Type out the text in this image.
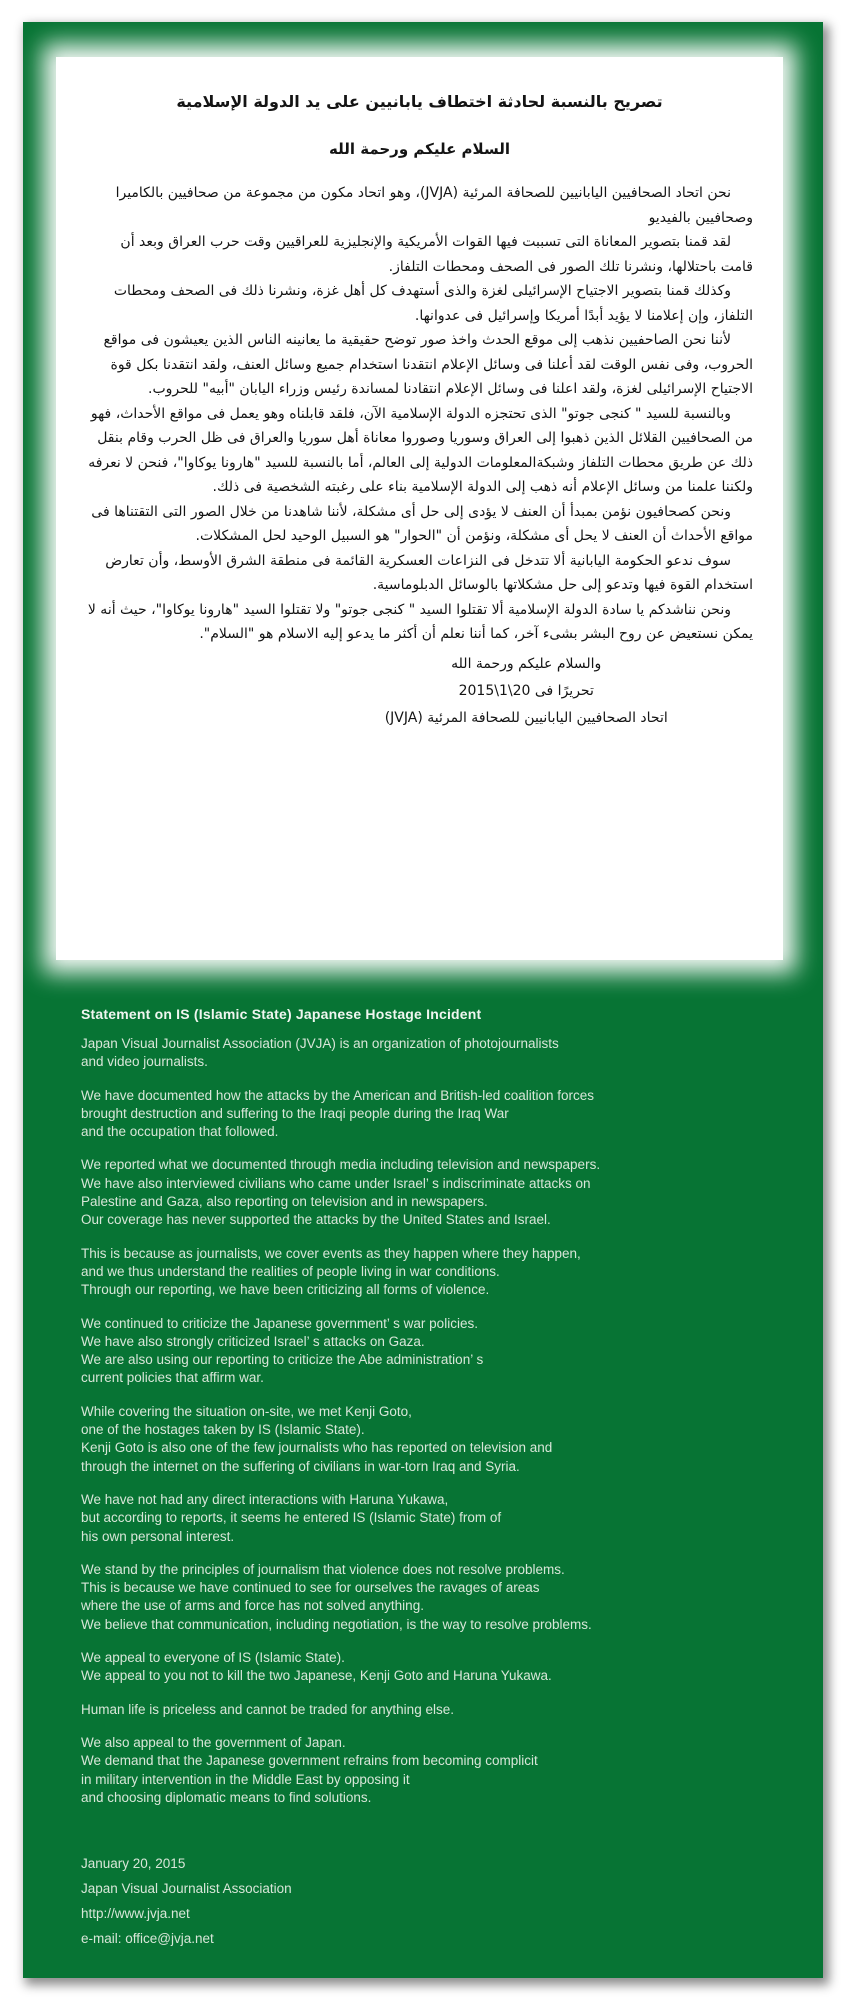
تصريح بالنسبة لحادثة اختطاف يابانيين على يد الدولة الإسلامية
السلام عليكم ورحمة الله

نحن اتحاد الصحافيين اليابانيين للصحافة المرئية (JVJA)، وهو اتحاد مكون من مجموعة من صحافيين بالكاميرا وصحافيين بالفيديو

لقد قمنا بتصوير المعاناة التى تسببت فيها القوات الأمريكية والإنجليزية للعراقيين وقت حرب العراق وبعد أن قامت باحتلالها، ونشرنا تلك الصور فى الصحف ومحطات التلفاز.

وكذلك قمنا بتصوير الاجتياح الإسرائيلى لغزة والذى أستهدف كل أهل غزة، ونشرنا ذلك فى الصحف ومحطات التلفاز، وإن إعلامنا لا يؤيد أبدًا أمريكا وإسرائيل فى عدوانها.

لأننا نحن الصاحفيين نذهب إلى موقع الحدث واخذ صور توضح حقيقية ما يعانينه الناس الذين يعيشون فى مواقع الحروب، وفى نفس الوقت لقد أعلنا فى وسائل الإعلام انتقدنا استخدام جميع وسائل العنف، ولقد انتقدنا بكل قوة الاجتياح الإسرائيلى لغزة، ولقد اعلنا فى وسائل الإعلام انتقادنا لمساندة رئيس وزراء اليابان "أبيه" للحروب.

وبالنسبة للسيد " كنجى جوتو" الذى تحتجزه الدولة الإسلامية الآن، فلقد قابلناه وهو يعمل فى مواقع الأحداث، فهو من الصحافيين القلائل الذين ذهبوا إلى العراق وسوريا وصوروا معاناة أهل سوريا والعراق فى ظل الحرب وقام بنقل ذلك عن طريق محطات التلفاز وشبكةالمعلومات الدولية إلى العالم، أما بالنسبة للسيد "هارونا يوكاوا"، فنحن لا نعرفه ولكننا علمنا من وسائل الإعلام أنه ذهب إلى الدولة الإسلامية بناء على رغبته الشخصية فى ذلك.

ونحن كصحافيون نؤمن بمبدأ أن العنف لا يؤدى إلى حل أى مشكلة، لأننا شاهدنا من خلال الصور التى التقتناها فى مواقع الأحداث أن العنف لا يحل أى مشكلة، ونؤمن أن "الحوار" هو السبيل الوحيد لحل المشكلات.

سوف ندعو الحكومة اليابانية ألا تتدخل فى النزاعات العسكرية القائمة فى منطقة الشرق الأوسط، وأن تعارض استخدام القوة فيها وتدعو إلى حل مشكلاتها بالوسائل الدبلوماسية.

ونحن نناشدكم يا سادة الدولة الإسلامية ألا تقتلوا السيد " كنجى جوتو" ولا تقتلوا السيد "هارونا يوكاوا"، حيث أنه لا يمكن نستعيض عن روح البشر بشىء آخر، كما أننا نعلم أن أكثر ما يدعو إليه الاسلام هو "السلام".

والسلام عليكم ورحمة الله
تحريرًا فى 20\1\2015
اتحاد الصحافيين اليابانيين للصحافة المرئية (JVJA)
Statement on IS (Islamic State) Japanese Hostage Incident

Japan Visual Journalist Association (JVJA) is an organization of photojournalists
and video journalists.

We have documented how the attacks by the American and British-led coalition forces
brought destruction and suffering to the Iraqi people during the Iraq War
and the occupation that followed.

We reported what we documented through media including television and newspapers.
We have also interviewed civilians who came under Israel’ s indiscriminate attacks on
Palestine and Gaza, also reporting on television and in newspapers.
Our coverage has never supported the attacks by the United States and Israel.

This is because as journalists, we cover events as they happen where they happen,
and we thus understand the realities of people living in war conditions.
Through our reporting, we have been criticizing all forms of violence.

We continued to criticize the Japanese government’ s war policies.
We have also strongly criticized Israel’ s attacks on Gaza.
We are also using our reporting to criticize the Abe administration’ s
current policies that affirm war.

While covering the situation on-site, we met Kenji Goto,
one of the hostages taken by IS (Islamic State).
Kenji Goto is also one of the few journalists who has reported on television and
through the internet on the suffering of civilians in war-torn Iraq and Syria.

We have not had any direct interactions with Haruna Yukawa,
but according to reports, it seems he entered IS (Islamic State) from of
his own personal interest.

We stand by the principles of journalism that violence does not resolve problems.
This is because we have continued to see for ourselves the ravages of areas
where the use of arms and force has not solved anything.
We believe that communication, including negotiation, is the way to resolve problems.

We appeal to everyone of IS (Islamic State).
We appeal to you not to kill the two Japanese, Kenji Goto and Haruna Yukawa.

Human life is priceless and cannot be traded for anything else.

We also appeal to the government of Japan.
We demand that the Japanese government refrains from becoming complicit
in military intervention in the Middle East by opposing it
and choosing diplomatic means to find solutions.

January 20, 2015
Japan Visual Journalist Association
http://www.jvja.net
e-mail: office@jvja.net
